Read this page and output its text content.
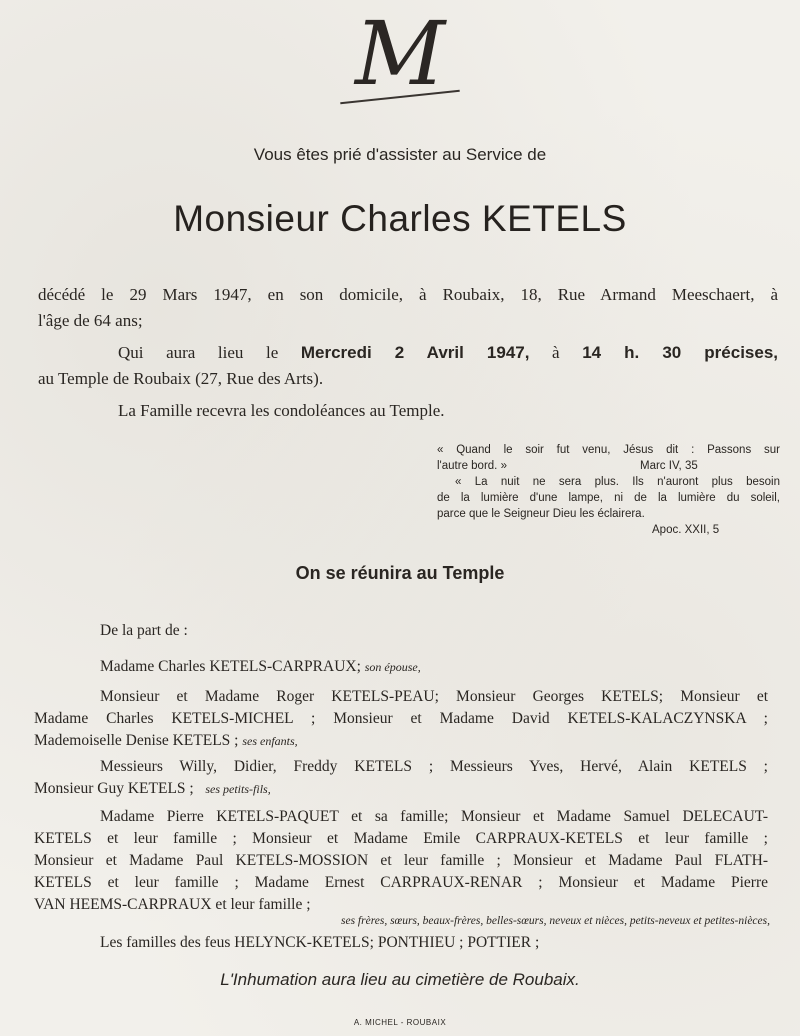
M
Vous êtes prié d'assister au Service de
Monsieur Charles KETELS
décédé le 29 Mars 1947, en son domicile, à Roubaix, 18, Rue Armand Meeschaert, à
l'âge de 64 ans;
Qui aura lieu le Mercredi 2 Avril 1947, à 14 h. 30 précises,
au Temple de Roubaix (27, Rue des Arts).
La Famille recevra les condoléances au Temple.
« Quand le soir fut venu, Jésus dit : Passons sur
l'autre bord. »	Marc IV, 35
« La nuit ne sera plus. Ils n'auront plus besoin
de la lumière d'une lampe, ni de la lumière du soleil,
parce que le Seigneur Dieu les éclairera.
Apoc. XXII, 5
On se réunira au Temple
De la part de :
Madame Charles KETELS-CARPRAUX; son épouse,
Monsieur et Madame Roger KETELS-PEAU; Monsieur Georges KETELS; Monsieur et
Madame Charles KETELS-MICHEL ; Monsieur et Madame David KETELS-KALACZYNSKA ;
Mademoiselle Denise KETELS ; ses enfants,
Messieurs Willy, Didier, Freddy KETELS ; Messieurs Yves, Hervé, Alain KETELS ;
Monsieur Guy KETELS ; ses petits-fils,
Madame Pierre KETELS-PAQUET et sa famille; Monsieur et Madame Samuel DELECAUT-
KETELS et leur famille ; Monsieur et Madame Emile CARPRAUX-KETELS et leur famille ;
Monsieur et Madame Paul KETELS-MOSSION et leur famille ; Monsieur et Madame Paul FLATH-
KETELS et leur famille ; Madame Ernest CARPRAUX-RENAR ; Monsieur et Madame Pierre
VAN HEEMS-CARPRAUX et leur famille ;
ses frères, sœurs, beaux-frères, belles-sœurs, neveux et nièces, petits-neveux et petites-nièces,
Les familles des feus HELYNCK-KETELS; PONTHIEU ; POTTIER ;
L'Inhumation aura lieu au cimetière de Roubaix.
A. MICHEL - ROUBAIX
